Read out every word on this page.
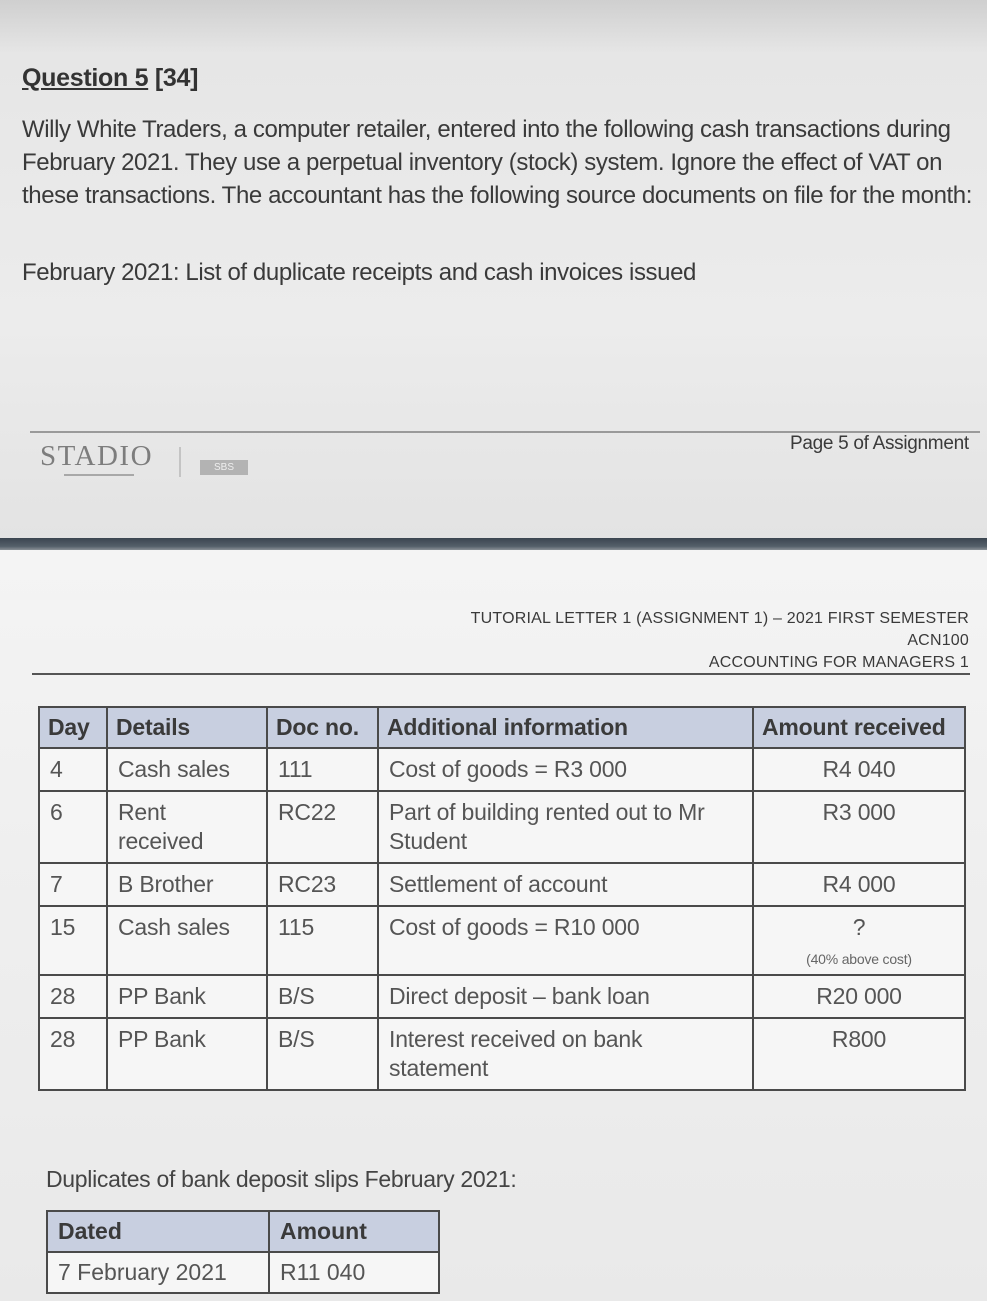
Question 5 [34]
Willy White Traders, a computer retailer, entered into the following cash transactions during February 2021. They use a perpetual inventory (stock) system. Ignore the effect of VAT on these transactions. The accountant has the following source documents on file for the month:
February 2021: List of duplicate receipts and cash invoices issued
STADIO	SBS
Page 5 of Assignment
TUTORIAL LETTER 1 (ASSIGNMENT 1) – 2021 FIRST SEMESTER
ACN100
ACCOUNTING FOR MANAGERS 1
Day	Details	Doc no.	Additional information	Amount received
4	Cash sales	111	Cost of goods = R3 000	R4 040
6	Rent received	RC22	Part of building rented out to Mr Student	R3 000
7	B Brother	RC23	Settlement of account	R4 000
15	Cash sales	115	Cost of goods = R10 000	?
(40% above cost)

28	PP Bank	B/S	Direct deposit – bank loan	R20 000
28	PP Bank	B/S	Interest received on bank statement	R800
Duplicates of bank deposit slips February 2021:
Dated	Amount
7 February 2021	R11 040
